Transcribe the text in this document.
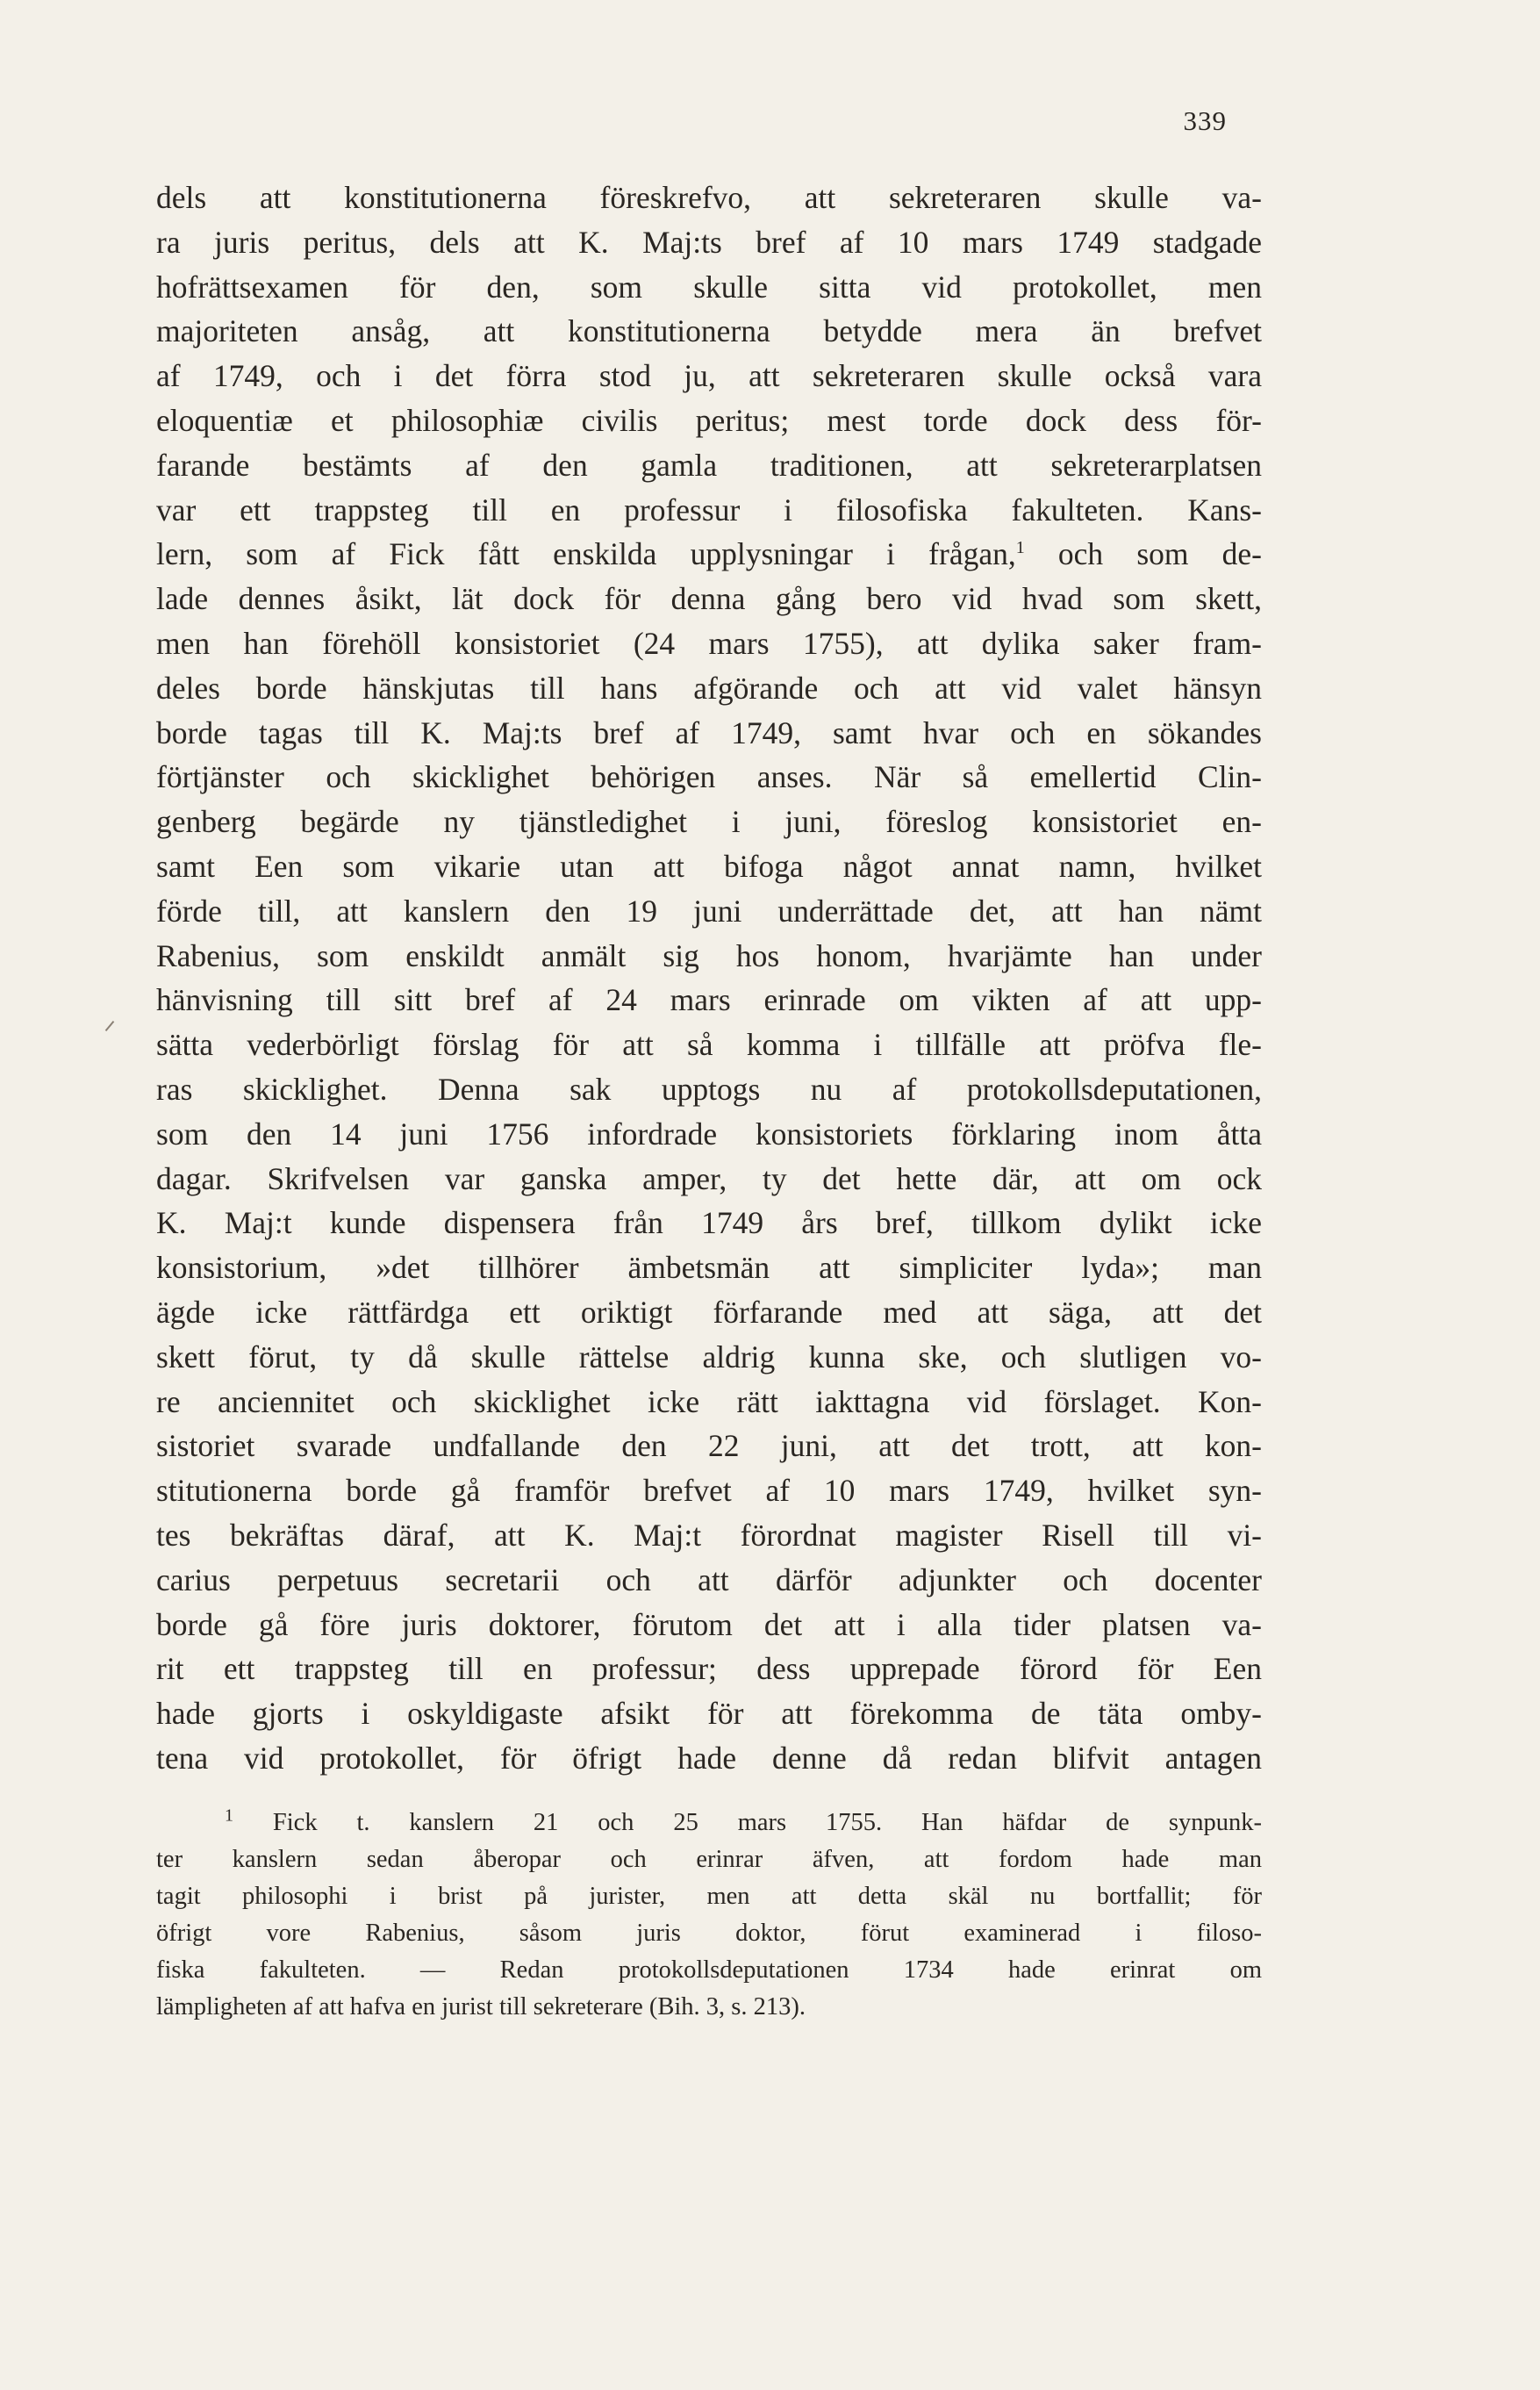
339
dels att konstitutionerna föreskrefvo, att sekreteraren skulle va-
ra juris peritus, dels att K. Maj:ts bref af 10 mars 1749 stadgade
hofrättsexamen för den, som skulle sitta vid protokollet, men
majoriteten ansåg, att konstitutionerna betydde mera än brefvet
af 1749, och i det förra stod ju, att sekreteraren skulle också vara
eloquentiæ et philosophiæ civilis peritus; mest torde dock dess för-
farande bestämts af den gamla traditionen, att sekreterarplatsen
var ett trappsteg till en professur i filosofiska fakulteten. Kans-
lern, som af Fick fått enskilda upplysningar i frågan,$^1$ och som de-
lade dennes åsikt, lät dock för denna gång bero vid hvad som skett,
men han förehöll konsistoriet (24 mars 1755), att dylika saker fram-
deles borde hänskjutas till hans afgörande och att vid valet hänsyn
borde tagas till K. Maj:ts bref af 1749, samt hvar och en sökandes
förtjänster och skicklighet behörigen anses. När så emellertid Clin-
genberg begärde ny tjänstledighet i juni, föreslog konsistoriet en-
samt Een som vikarie utan att bifoga något annat namn, hvilket
förde till, att kanslern den 19 juni underrättade det, att han nämt
Rabenius, som enskildt anmält sig hos honom, hvarjämte han under
hänvisning till sitt bref af 24 mars erinrade om vikten af att upp-
sätta vederbörligt förslag för att så komma i tillfälle att pröfva fle-
ras skicklighet. Denna sak upptogs nu af protokollsdeputationen,
som den 14 juni 1756 infordrade konsistoriets förklaring inom åtta
dagar. Skrifvelsen var ganska amper, ty det hette där, att om ock
K. Maj:t kunde dispensera från 1749 års bref, tillkom dylikt icke
konsistorium, »det tillhörer ämbetsmän att simpliciter lyda»; man
ägde icke rättfärdga ett oriktigt förfarande med att säga, att det
skett förut, ty då skulle rättelse aldrig kunna ske, och slutligen vo-
re anciennitet och skicklighet icke rätt iakttagna vid förslaget. Kon-
sistoriet svarade undfallande den 22 juni, att det trott, att kon-
stitutionerna borde gå framför brefvet af 10 mars 1749, hvilket syn-
tes bekräftas däraf, att K. Maj:t förordnat magister Risell till vi-
carius perpetuus secretarii och att därför adjunkter och docenter
borde gå före juris doktorer, förutom det att i alla tider platsen va-
rit ett trappsteg till en professur; dess upprepade förord för Een
hade gjorts i oskyldigaste afsikt för att förekomma de täta omby-
tena vid protokollet, för öfrigt hade denne då redan blifvit antagen
$^1$ Fick t. kanslern 21 och 25 mars 1755. Han häfdar de synpunk-
ter kanslern sedan åberopar och erinrar äfven, att fordom hade man
tagit philosophi i brist på jurister, men att detta skäl nu bortfallit; för
öfrigt vore Rabenius, såsom juris doktor, förut examinerad i filoso-
fiska fakulteten. — Redan protokollsdeputationen 1734 hade erinrat om
lämpligheten af att hafva en jurist till sekreterare (Bih. 3, s. 213).
